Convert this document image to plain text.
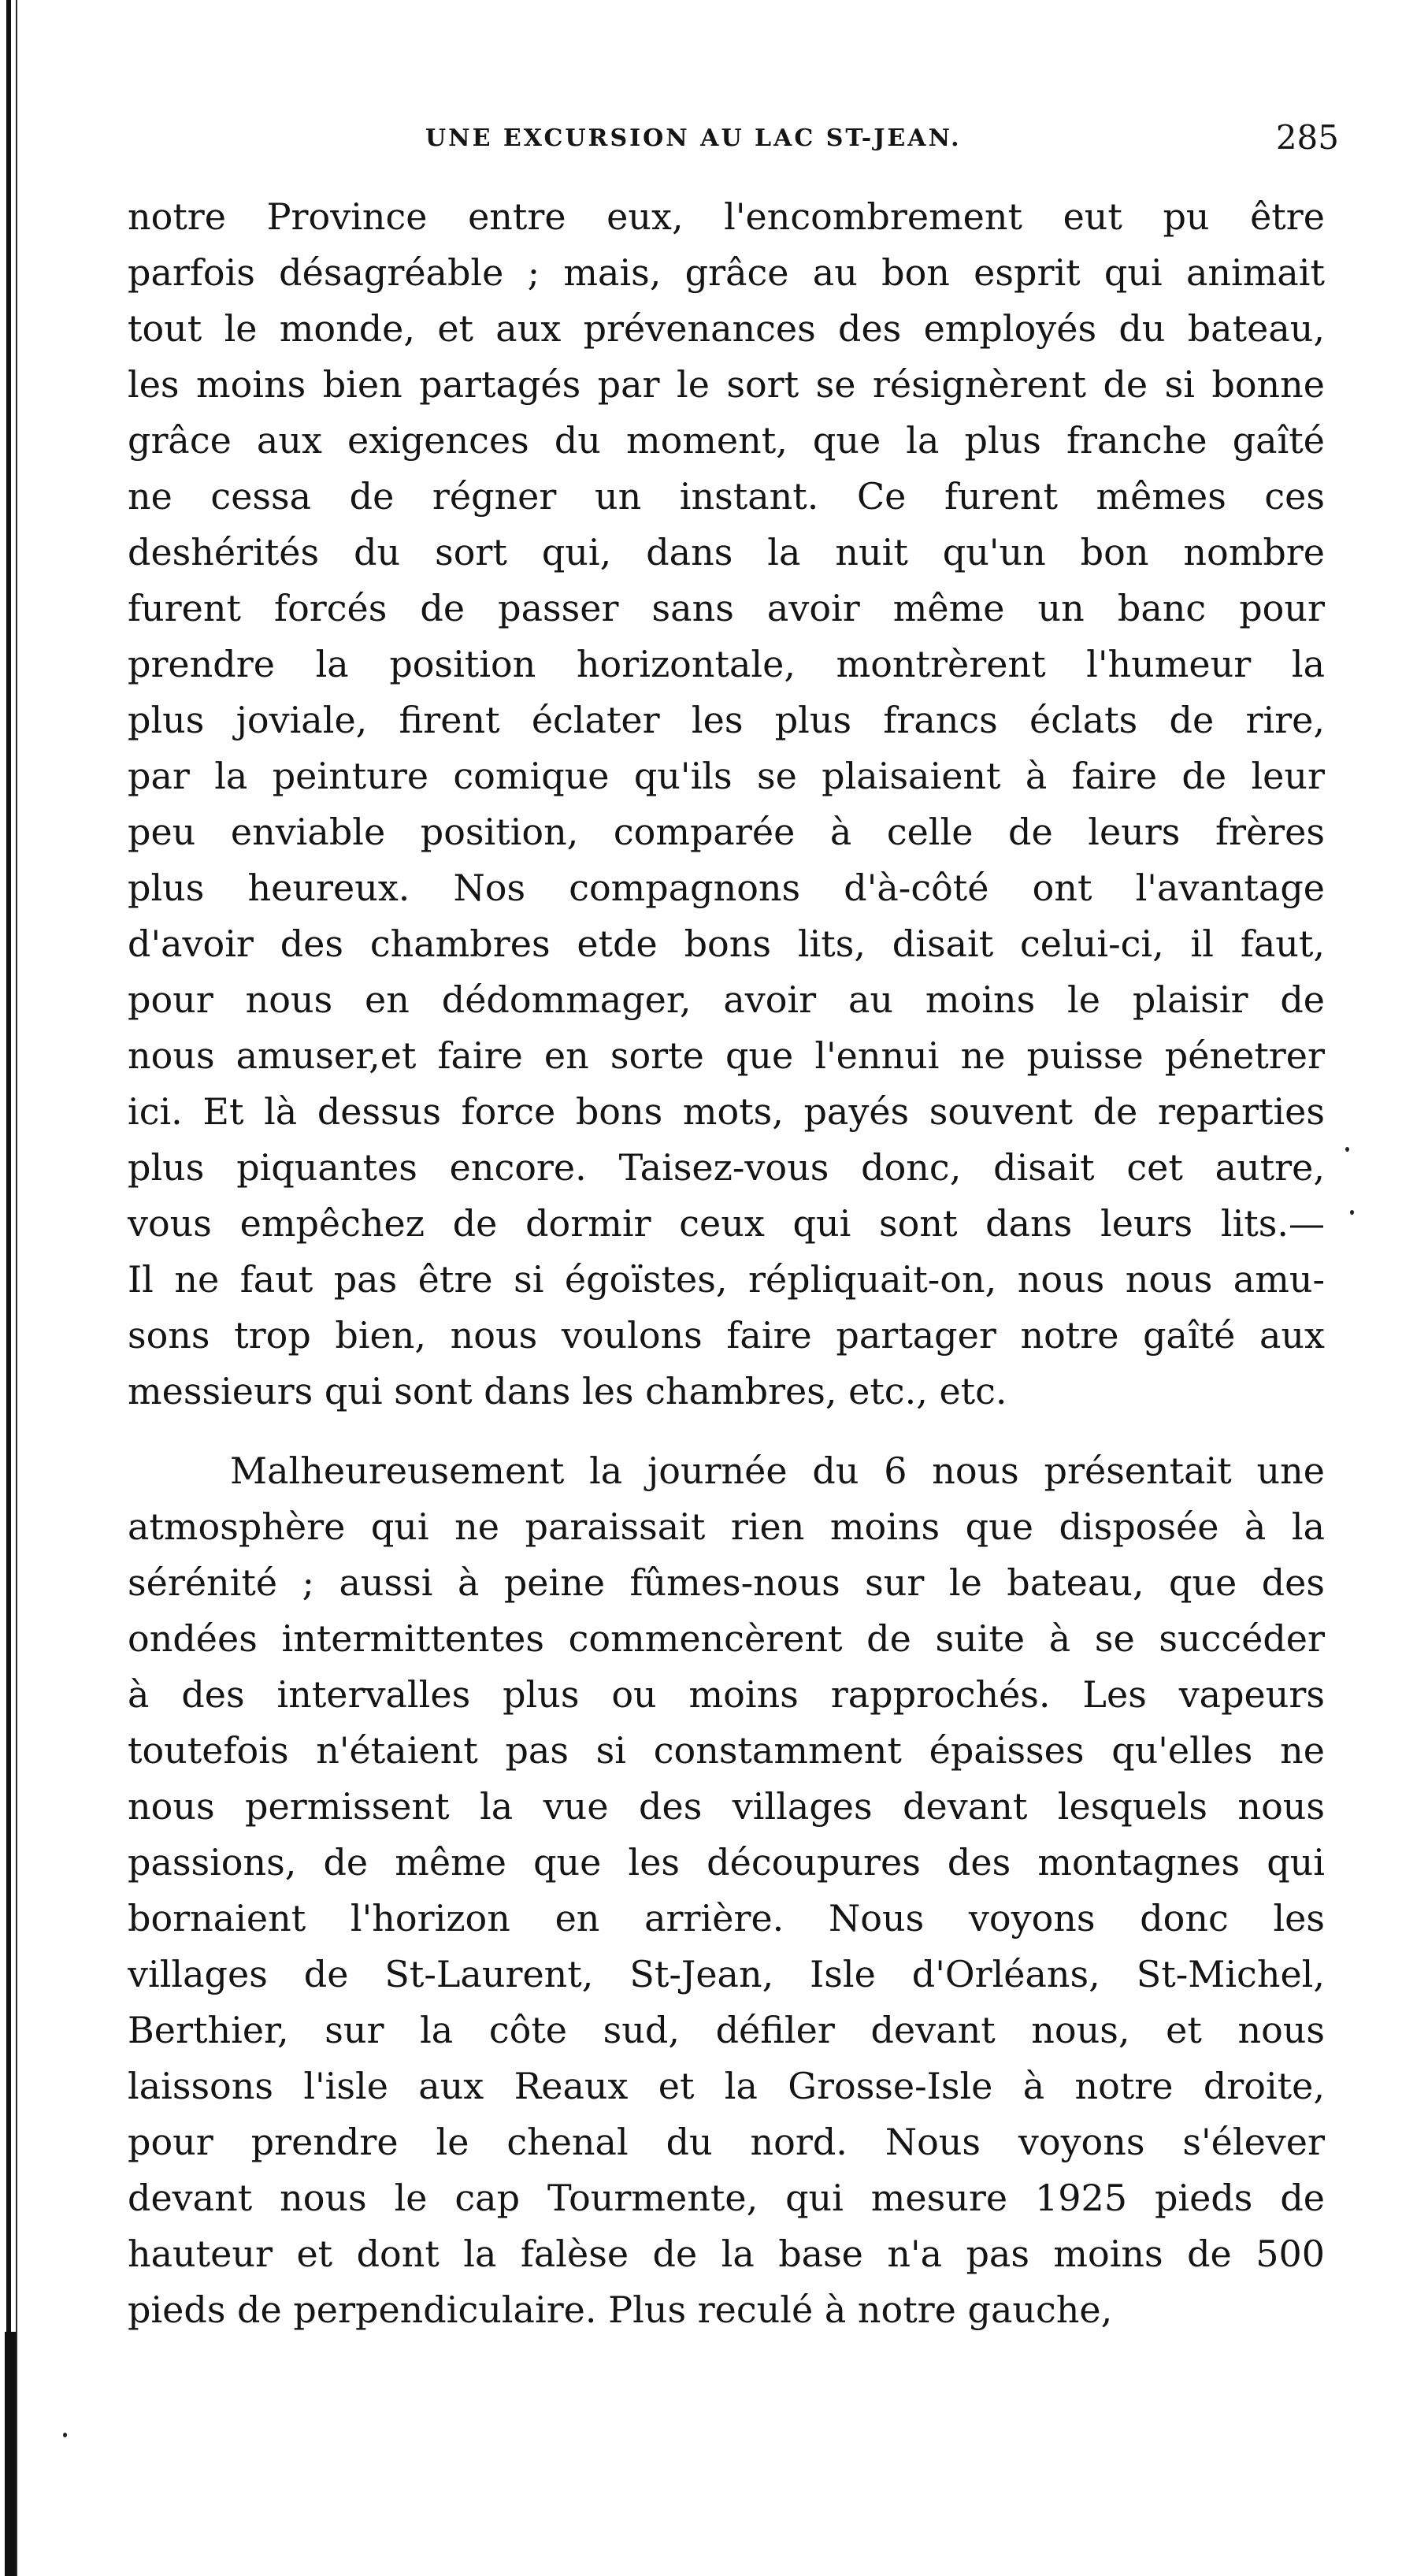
UNE EXCURSION AU LAC ST-JEAN.	285
notre Province entre eux, l'encombrement eut pu être
parfois désagréable ; mais, grâce au bon esprit qui animait
tout le monde, et aux prévenances des employés du bateau,
les moins bien partagés par le sort se résignèrent de si bonne
grâce aux exigences du moment, que la plus franche gaîté
ne cessa de régner un instant. Ce furent mêmes ces
deshérités du sort qui, dans la nuit qu'un bon nombre
furent forcés de passer sans avoir même un banc pour
prendre la position horizontale, montrèrent l'humeur la
plus joviale, firent éclater les plus francs éclats de rire,
par la peinture comique qu'ils se plaisaient à faire de leur
peu enviable position, comparée à celle de leurs frères
plus heureux. Nos compagnons d'à-côté ont l'avantage
d'avoir des chambres etde bons lits, disait celui-ci, il faut,
pour nous en dédommager, avoir au moins le plaisir de
nous amuser,et faire en sorte que l'ennui ne puisse pénetrer
ici. Et là dessus force bons mots, payés souvent de reparties
plus piquantes encore. Taisez-vous donc, disait cet autre,
vous empêchez de dormir ceux qui sont dans leurs lits.—
Il ne faut pas être si égoïstes, répliquait-on, nous nous amu-
sons trop bien, nous voulons faire partager notre gaîté aux
messieurs qui sont dans les chambres, etc., etc.
Malheureusement la journée du 6 nous présentait une
atmosphère qui ne paraissait rien moins que disposée à la
sérénité ; aussi à peine fûmes-nous sur le bateau, que des
ondées intermittentes commencèrent de suite à se succéder
à des intervalles plus ou moins rapprochés. Les vapeurs
toutefois n'étaient pas si constamment épaisses qu'elles ne
nous permissent la vue des villages devant lesquels nous
passions, de même que les découpures des montagnes qui
bornaient l'horizon en arrière. Nous voyons donc les
villages de St-Laurent, St-Jean, Isle d'Orléans, St-Michel,
Berthier, sur la côte sud, défiler devant nous, et nous
laissons l'isle aux Reaux et la Grosse-Isle à notre droite,
pour prendre le chenal du nord. Nous voyons s'élever
devant nous le cap Tourmente, qui mesure 1925 pieds de
hauteur et dont la falèse de la base n'a pas moins de 500
pieds de perpendiculaire. Plus reculé à notre gauche,
